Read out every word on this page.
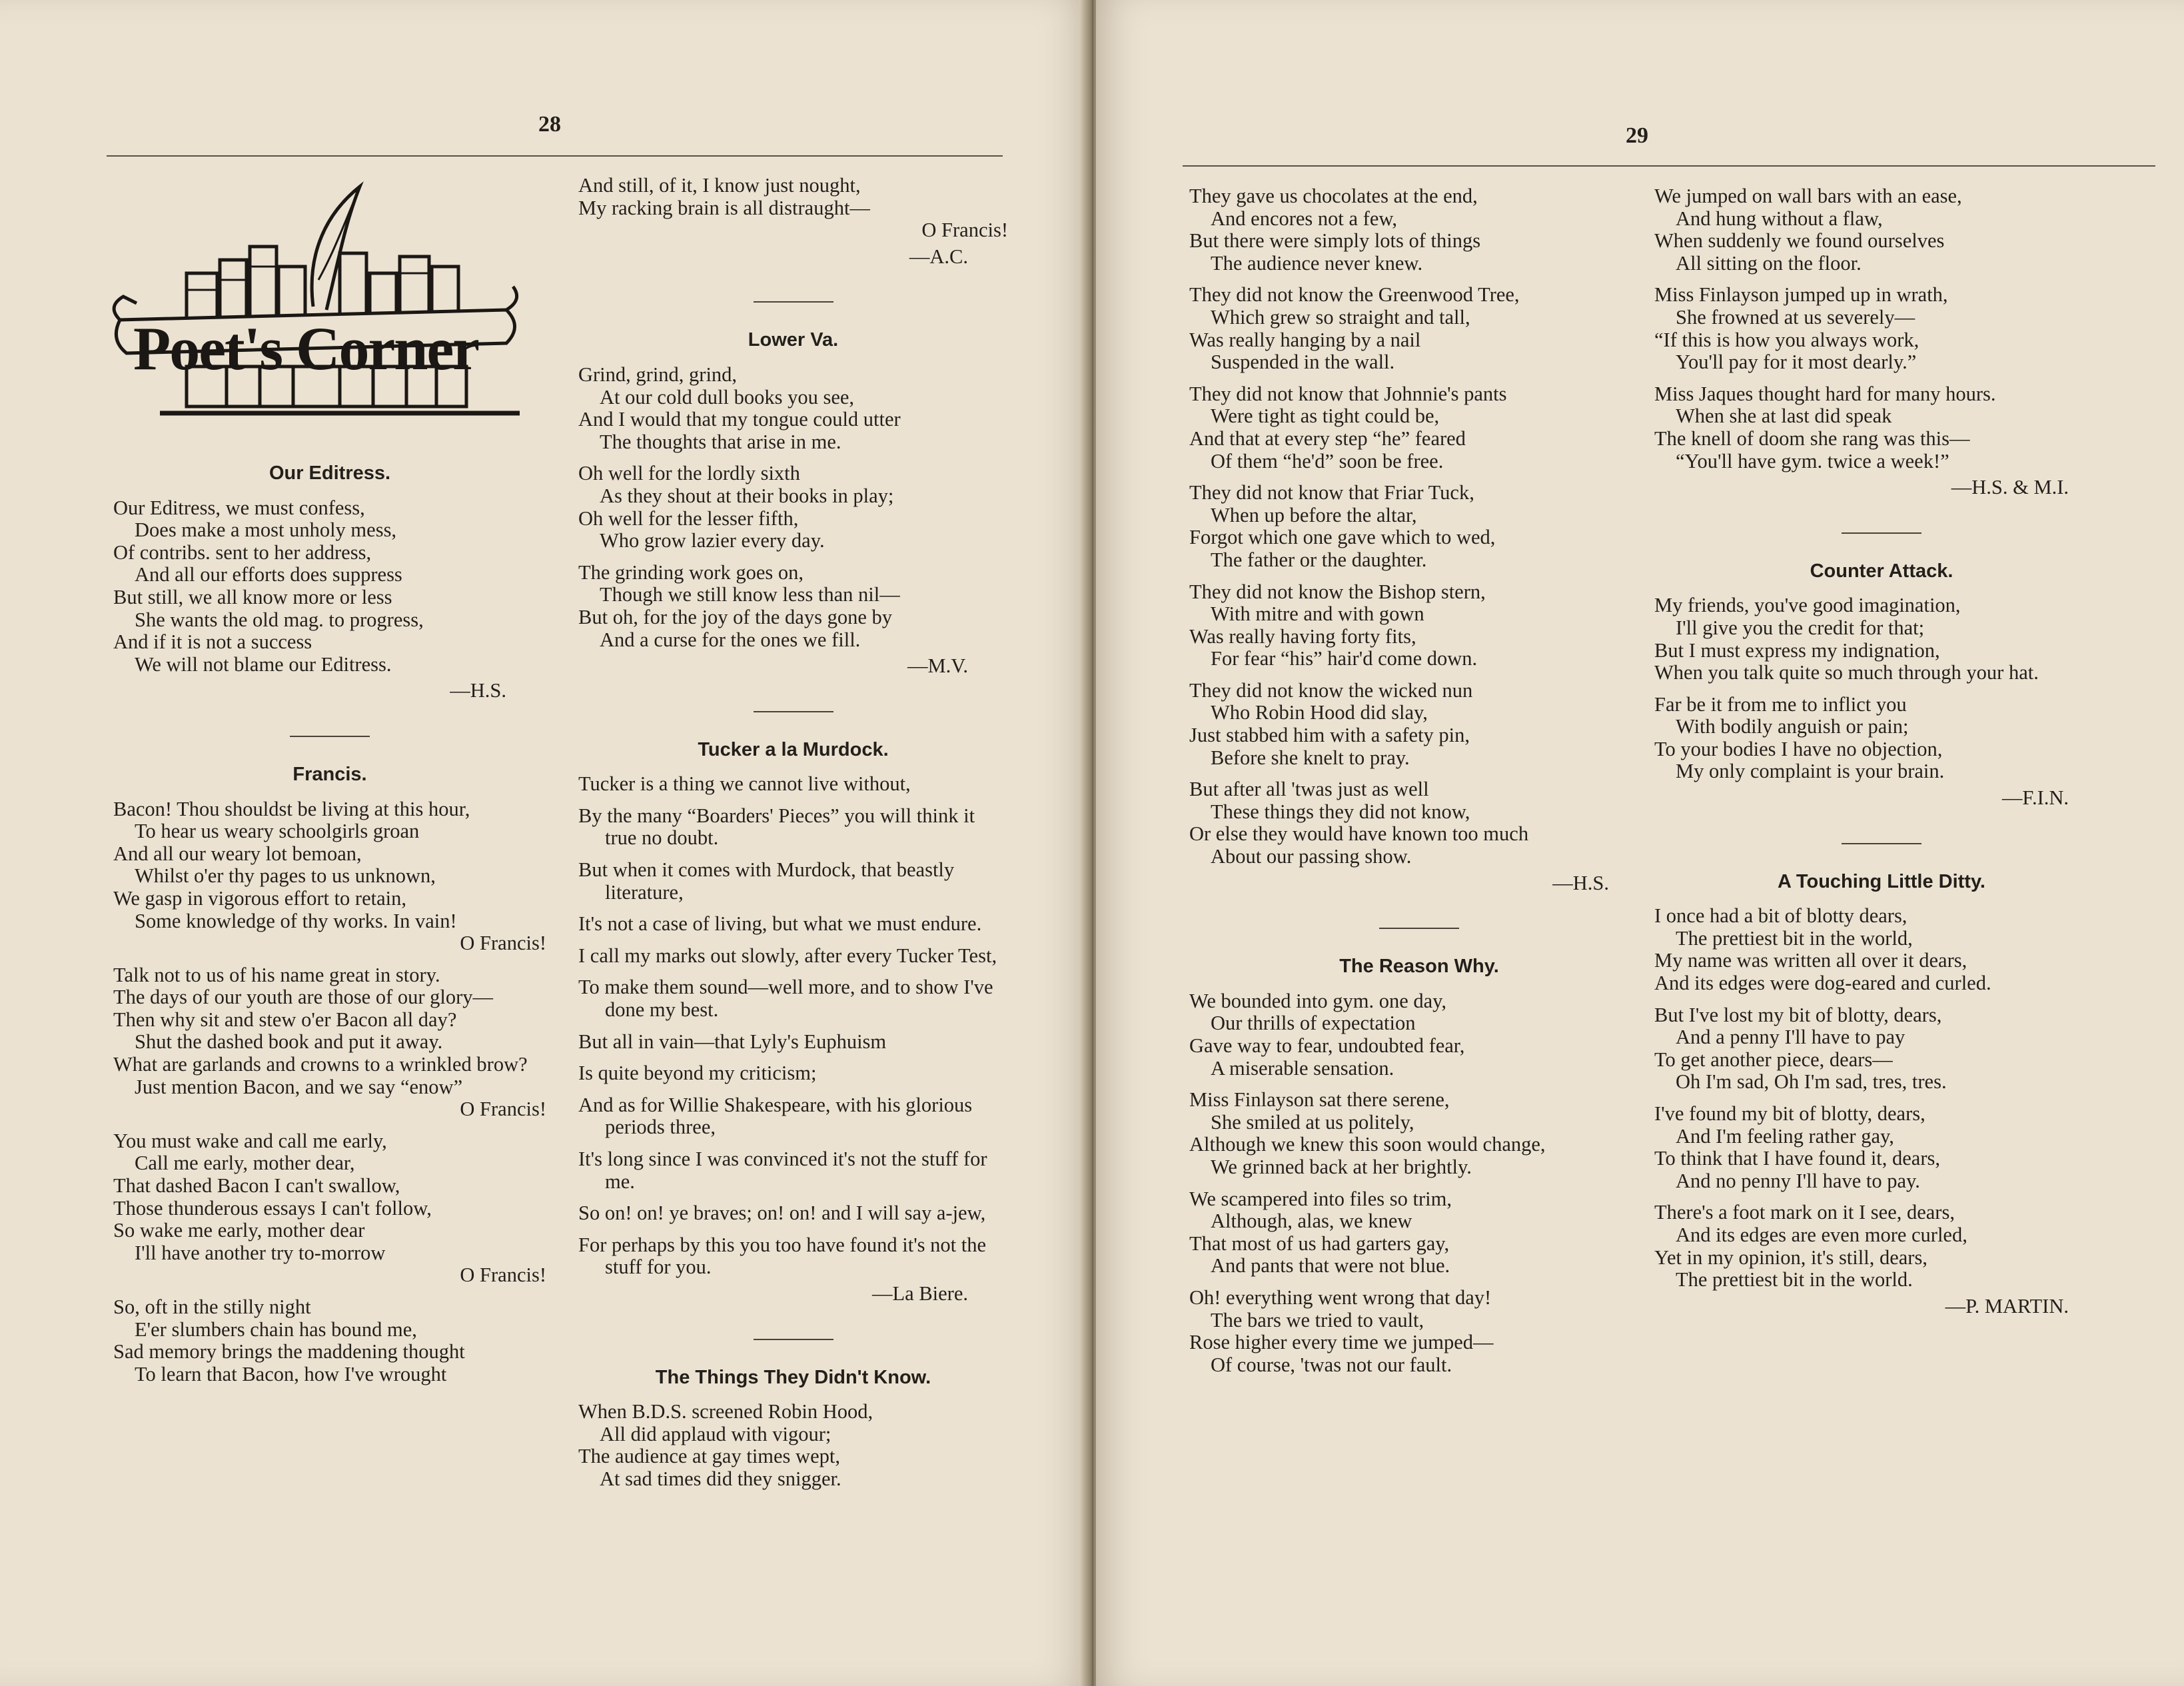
28
Poet's Corner
Our Editress.
Our Editress, we must confess,
Does make a most unholy mess,
Of contribs. sent to her address,
And all our efforts does suppress
But still, we all know more or less
She wants the old mag. to progress,
And if it is not a success
We will not blame our Editress.
—H.S.
Francis.
Bacon! Thou shouldst be living at this hour,
To hear us weary schoolgirls groan
And all our weary lot bemoan,
Whilst o'er thy pages to us unknown,
We gasp in vigorous effort to retain,
Some knowledge of thy works. In vain!
O Francis!
Talk not to us of his name great in story.
The days of our youth are those of our glory—
Then why sit and stew o'er Bacon all day?
Shut the dashed book and put it away.
What are garlands and crowns to a wrinkled brow?
Just mention Bacon, and we say “enow”
O Francis!
You must wake and call me early,
Call me early, mother dear,
That dashed Bacon I can't swallow,
Those thunderous essays I can't follow,
So wake me early, mother dear
I'll have another try to-morrow
O Francis!
So, oft in the stilly night
E'er slumbers chain has bound me,
Sad memory brings the maddening thought
To learn that Bacon, how I've wrought
And still, of it, I know just nought,
My racking brain is all distraught—
O Francis!
—A.C.
Lower Va.
Grind, grind, grind,
At our cold dull books you see,
And I would that my tongue could utter
The thoughts that arise in me.
Oh well for the lordly sixth
As they shout at their books in play;
Oh well for the lesser fifth,
Who grow lazier every day.
The grinding work goes on,
Though we still know less than nil—
But oh, for the joy of the days gone by
And a curse for the ones we fill.
—M.V.
Tucker a la Murdock.
Tucker is a thing we cannot live without,
By the many “Boarders' Pieces” you will think it true no doubt.
But when it comes with Murdock, that beastly literature,
It's not a case of living, but what we must endure.
I call my marks out slowly, after every Tucker Test,
To make them sound—well more, and to show I've done my best.
But all in vain—that Lyly's Euphuism
Is quite beyond my criticism;
And as for Willie Shakespeare, with his glorious periods three,
It's long since I was convinced it's not the stuff for me.
So on! on! ye braves; on! on! and I will say a-jew,
For perhaps by this you too have found it's not the stuff for you.
—La Biere.
The Things They Didn't Know.
When B.D.S. screened Robin Hood,
All did applaud with vigour;
The audience at gay times wept,
At sad times did they snigger.
29
They gave us chocolates at the end,
And encores not a few,
But there were simply lots of things
The audience never knew.
They did not know the Greenwood Tree,
Which grew so straight and tall,
Was really hanging by a nail
Suspended in the wall.
They did not know that Johnnie's pants
Were tight as tight could be,
And that at every step “he” feared
Of them “he'd” soon be free.
They did not know that Friar Tuck,
When up before the altar,
Forgot which one gave which to wed,
The father or the daughter.
They did not know the Bishop stern,
With mitre and with gown
Was really having forty fits,
For fear “his” hair'd come down.
They did not know the wicked nun
Who Robin Hood did slay,
Just stabbed him with a safety pin,
Before she knelt to pray.
But after all 'twas just as well
These things they did not know,
Or else they would have known too much
About our passing show.
—H.S.
The Reason Why.
We bounded into gym. one day,
Our thrills of expectation
Gave way to fear, undoubted fear,
A miserable sensation.
Miss Finlayson sat there serene,
She smiled at us politely,
Although we knew this soon would change,
We grinned back at her brightly.
We scampered into files so trim,
Although, alas, we knew
That most of us had garters gay,
And pants that were not blue.
Oh! everything went wrong that day!
The bars we tried to vault,
Rose higher every time we jumped—
Of course, 'twas not our fault.
We jumped on wall bars with an ease,
And hung without a flaw,
When suddenly we found ourselves
All sitting on the floor.
Miss Finlayson jumped up in wrath,
She frowned at us severely—
“If this is how you always work,
You'll pay for it most dearly.”
Miss Jaques thought hard for many hours.
When she at last did speak
The knell of doom she rang was this—
“You'll have gym. twice a week!”
—H.S. & M.I.
Counter Attack.
My friends, you've good imagination,
I'll give you the credit for that;
But I must express my indignation,
When you talk quite so much through your hat.
Far be it from me to inflict you
With bodily anguish or pain;
To your bodies I have no objection,
My only complaint is your brain.
—F.I.N.
A Touching Little Ditty.
I once had a bit of blotty dears,
The prettiest bit in the world,
My name was written all over it dears,
And its edges were dog-eared and curled.
But I've lost my bit of blotty, dears,
And a penny I'll have to pay
To get another piece, dears—
Oh I'm sad, Oh I'm sad, tres, tres.
I've found my bit of blotty, dears,
And I'm feeling rather gay,
To think that I have found it, dears,
And no penny I'll have to pay.
There's a foot mark on it I see, dears,
And its edges are even more curled,
Yet in my opinion, it's still, dears,
The prettiest bit in the world.
—P. MARTIN.
